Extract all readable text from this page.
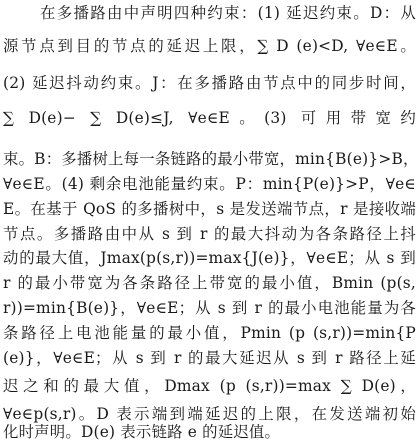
在多播路由中声明四种约束：(1) 延迟约束。D：从
源节点到目的节点的延迟上限，∑ D (e)<D, ∀e∈E。
(2) 延迟抖动约束。J：在多播路由节点中的同步时间，
∑ D(e)− ∑ D(e)≤J, ∀e∈E。(3) 可用带宽约
束。B：多播树上每一条链路的最小带宽，min{B(e)}>B，
∀e∈E。(4) 剩余电池能量约束。P：min{P(e)}>P，∀e∈
E。在基于 QoS 的多播树中，s 是发送端节点，r 是接收端
节点。多播路由中从 s 到 r 的最大抖动为各条路径上抖
动的最大值，Jmax(p(s,r))=max{J(e)}，∀e∈E；从 s 到
r 的最小带宽为各条路径上带宽的最小值，Bmin (p(s,
r))=min{B(e)}，∀e∈E；从 s 到 r 的最小电池能量为各
条路径上电池能量的最小值，Pmin (p (s,r))=min{P
(e)}，∀e∈E；从 s 到 r 的最大延迟从 s 到 r 路径上延
迟之和的最大值，Dmax (p (s,r))=max ∑ D(e)，
∀e∈p(s,r)。D 表示端到端延迟的上限，在发送端初始
化时声明。D(e) 表示链路 e 的延迟值。
